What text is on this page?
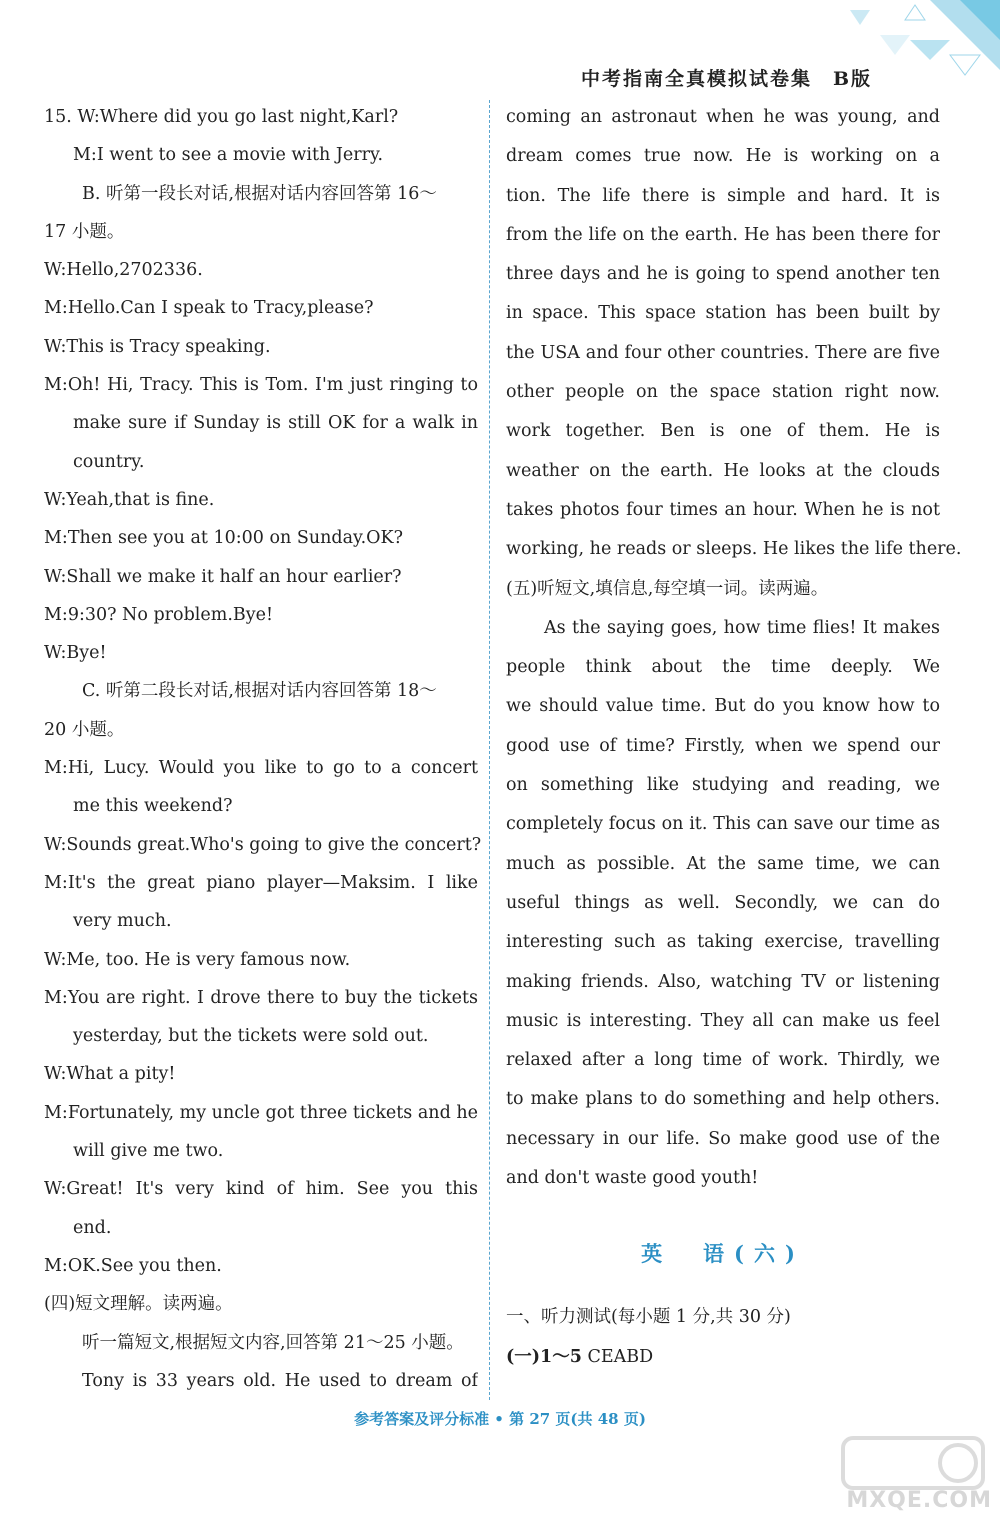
中考指南全真模拟试卷集　B版
15. W:Where did you go last night,Karl?
M:I went to see a movie with Jerry.
B. 听第一段长对话,根据对话内容回答第 16～
17 小题。
W:Hello,2702336.
M:Hello.Can I speak to Tracy,please?
W:This is Tracy speaking.
M:Oh! Hi, Tracy. This is Tom. I'm just ringing to
make sure if Sunday is still OK for a walk in
country.
W:Yeah,that is fine.
M:Then see you at 10:00 on Sunday.OK?
W:Shall we make it half an hour earlier?
M:9:30? No problem.Bye!
W:Bye!
C. 听第二段长对话,根据对话内容回答第 18～
20 小题。
M:Hi, Lucy. Would you like to go to a concert
me this weekend?
W:Sounds great.Who's going to give the concert?
M:It's the great piano player—Maksim. I like
very much.
W:Me, too. He is very famous now.
M:You are right. I drove there to buy the tickets
yesterday, but the tickets were sold out.
W:What a pity!
M:Fortunately, my uncle got three tickets and he
will give me two.
W:Great! It's very kind of him. See you this
end.
M:OK.See you then.
(四)短文理解。读两遍。
听一篇短文,根据短文内容,回答第 21～25 小题。
Tony is 33 years old. He used to dream of
coming an astronaut when he was young, and
dream comes true now. He is working on a
tion. The life there is simple and hard. It is
from the life on the earth. He has been there for
three days and he is going to spend another ten
in space. This space station has been built by
the USA and four other countries. There are five
other people on the space station right now.
work together. Ben is one of them. He is
weather on the earth. He looks at the clouds
takes photos four times an hour. When he is not
working, he reads or sleeps. He likes the life there.
(五)听短文,填信息,每空填一词。读两遍。
As the saying goes, how time flies! It makes
people think about the time deeply. We
we should value time. But do you know how to
good use of time? Firstly, when we spend our
on something like studying and reading, we
completely focus on it. This can save our time as
much as possible. At the same time, we can
useful things as well. Secondly, we can do
interesting such as taking exercise, travelling
making friends. Also, watching TV or listening
music is interesting. They all can make us feel
relaxed after a long time of work. Thirdly, we
to make plans to do something and help others.
necessary in our life. So make good use of the
and don't waste good youth!
英　语(六)
一、听力测试(每小题 1 分,共 30 分)
(一)1～5 CEABD
参考答案及评分标准 • 第 27 页(共 48 页)
MXQE.COM
